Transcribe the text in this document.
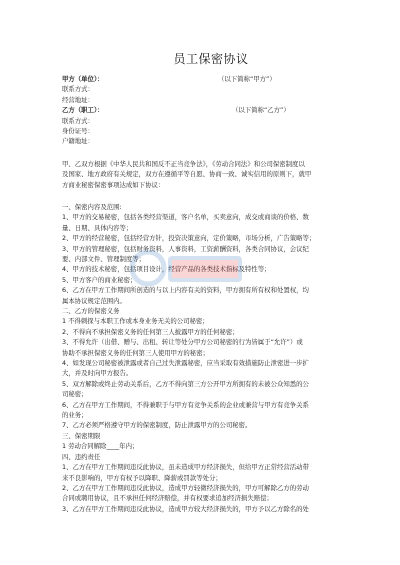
员工保密协议
甲方（单位）：	（以下简称“甲方”）
联系方式：
经营地址：
乙方（职工）：	（以下简称“乙方”）
联系方式：
身份证号：
户籍地址：
甲、乙双方根据《中华人民共和国反不正当竞争法》，《劳动合同法》和公司保密制度以
及国家、地方政府有关规定，双方在遵循平等自愿、协商一致、诚实信用的原则下，就甲
方商业秘密保密事项达成如下协议：
一、保密内容及范围:
1、甲方的交易秘密，包括各类经营渠道，客户名单，买卖意向，成交或商谈的价格、数
量、日期、具体内容等；
2、甲方的经营秘密，包括经营方针，投资决策意向，定价策略，市场分析，广告策略等；
3、甲方的管理秘密，包括财务资料，人事资料，工资薪酬资料，各类合同协议，会议纪
要、内部文件、管理制度等；
4、甲方的技术秘密，包括项目设计，经营产品的各类技术指标及特性等；
5、甲方客户的商业秘密；
6、乙方在甲方工作期间所创造的与以上内容有关的资料，甲方拥有所有权和处置权，均
属本协议规定范围内。
二、乙方的保密义务
1 不得刺探与本职工作或本身业务无关的公司秘密；
2、不得向不承担保密义务的任何第三人披露甲方的任何秘密；
3、不得允许（出借、赠与、出租、转让等处分甲方公司秘密的行为皆属于“允许”）或
协助不承担保密义务的任何第三人使用甲方的秘密；
4、如发现公司秘密被泄露或者自己过失泄露秘密，应当采取有效措施防止泄密进一步扩
大，并及时向甲方报告。
5、双方解除或终止劳动关系后，乙方不得向第三方公开甲方所拥有的未被公众知悉的公
司秘密；
6、乙方在甲方工作期间，不得兼职于与甲方有竞争关系的企业或兼营与甲方有竞争关系
的业务；
7、乙方必须严格遵守甲方的保密制度，防止泄露甲方的公司秘密。
三、保密期限
1 劳动合同解除____年内；
四、违约责任
1、乙方在甲方工作期间违反此协议，虽未造成甲方经济损失，但给甲方正常经营活动带
来不良影响的，甲方有权予以降职、降薪或罚款等处分；
2、乙方在甲方工作期间违反此协议，造成甲方轻微经济损失的，甲方可解除乙方的劳动
合同或聘用协议，且不承担任何经济赔偿，并有权要求追加经济损失赔偿；
3、乙方在甲方工作期间违反此协议，造成甲方较大经济损失的，甲方予以乙方除名的处
